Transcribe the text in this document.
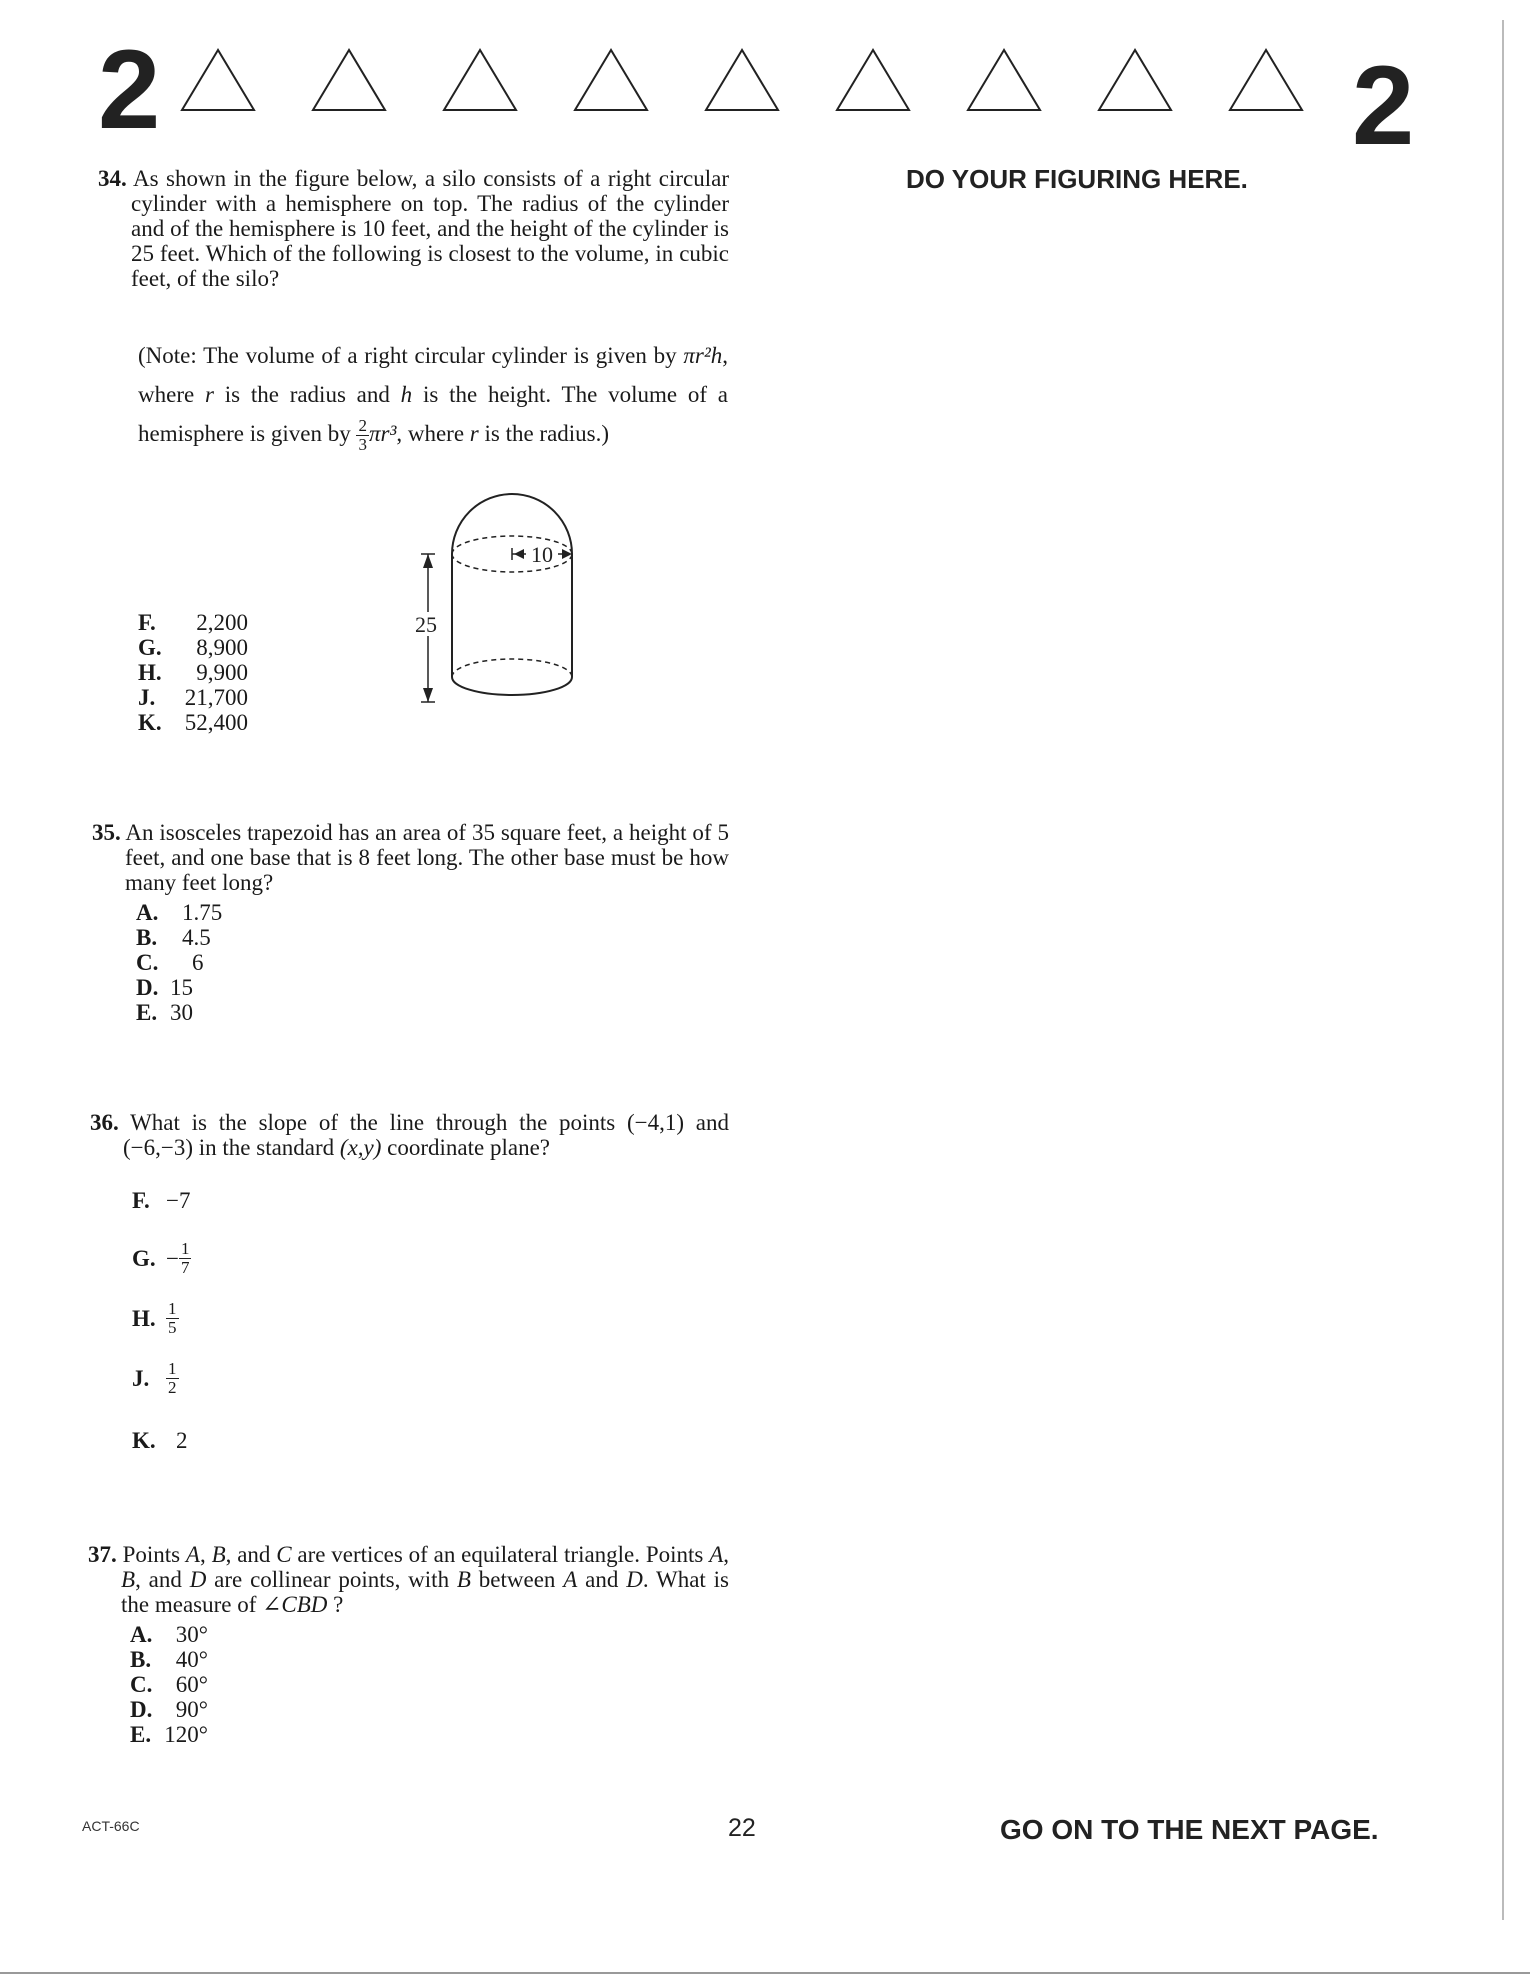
2	2
DO YOUR FIGURING HERE.
34. As shown in the figure below, a silo consists of a right circular cylinder with a hemisphere on top. The radius of the cylinder and of the hemisphere is 10 feet, and the height of the cylinder is 25 feet. Which of the following is closest to the volume, in cubic feet, of the silo?
(Note: The volume of a right circular cylinder is given by πr²h, where r is the radius and h is the height. The volume of a hemisphere is given by $\frac{2}{3} \pi r^3$, where r is the radius.)
10
25
F.	2,200
G.	8,900
H.	9,900
J.	21,700
K.	52,400
35. An isosceles trapezoid has an area of 35 square feet, a height of 5 feet, and one base that is 8 feet long. The other base must be how many feet long?
A.	1.75
B.	4.5
C.	6
D. 15
E. 30
36. What is the slope of the line through the points (−4,1) and (−6,−3) in the standard (x,y) coordinate plane?
F. −7
G. − $\frac{1}{7}$
H. $\frac{1}{5}$
J. $\frac{1}{2}$
K. 2
37. Points A, B, and C are vertices of an equilateral triangle. Points A, B, and D are collinear points, with B between A and D. What is the measure of ∠CBD ?
A.	30°
B.	40°
C.	60°
D.	90°
E. 120°
ACT-66C	22	GO ON TO THE NEXT PAGE.
